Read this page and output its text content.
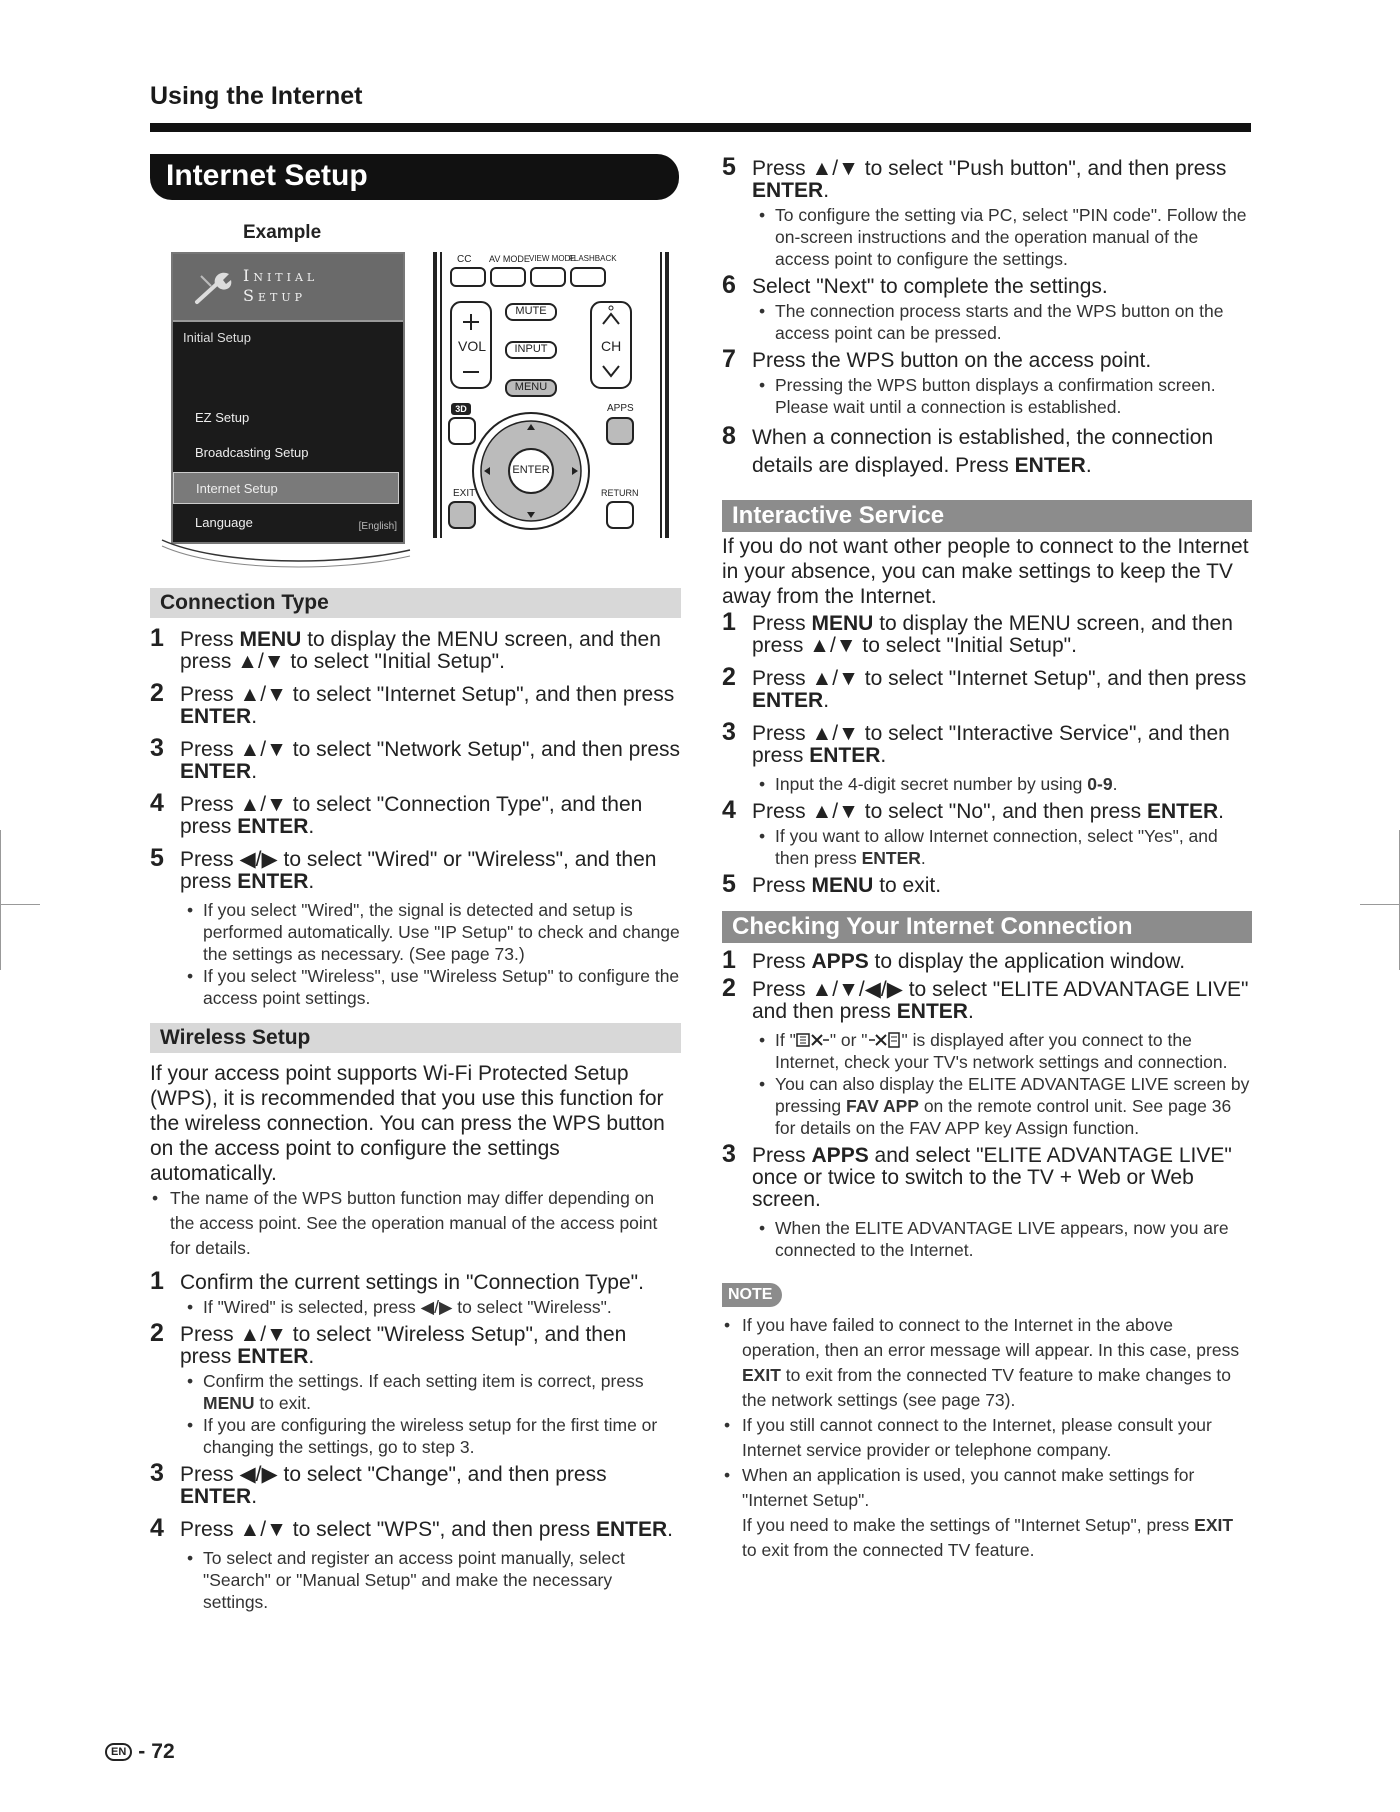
Using the Internet
Internet Setup
Example
Initial
Setup
Initial Setup
EZ Setup
Broadcasting Setup
Internet Setup
Language	[English]
CC AV MODE VIEW MODE
FLASHBACK
VOL	CH
MUTE
INPUT
MENU
3D	APPS
ENTER
EXIT	RETURN
Connection Type
1 Press MENU to display the MENU screen, and then press ▲/▼ to select "Initial Setup".
2 Press ▲/▼ to select "Internet Setup", and then press ENTER.
3 Press ▲/▼ to select "Network Setup", and then press ENTER.
4 Press ▲/▼ to select "Connection Type", and then press ENTER.
5 Press ◀/▶ to select "Wired" or "Wireless", and then press ENTER.
• If you select "Wired", the signal is detected and setup is performed automatically. Use "IP Setup" to check and change the settings as necessary. (See page 73.)
• If you select "Wireless", use "Wireless Setup" to configure the access point settings.
Wireless Setup
If your access point supports Wi-Fi Protected Setup (WPS), it is recommended that you use this function for the wireless connection. You can press the WPS button on the access point to configure the settings automatically.
• The name of the WPS button function may differ depending on the access point. See the operation manual of the access point for details.
1 Confirm the current settings in "Connection Type".
• If "Wired" is selected, press ◀/▶ to select "Wireless".
2 Press ▲/▼ to select "Wireless Setup", and then press ENTER.
• Confirm the settings. If each setting item is correct, press MENU to exit.
• If you are configuring the wireless setup for the first time or changing the settings, go to step 3.
3 Press ◀/▶ to select "Change", and then press ENTER.
4 Press ▲/▼ to select "WPS", and then press ENTER.
• To select and register an access point manually, select "Search" or "Manual Setup" and make the necessary settings.
5 Press ▲/▼ to select "Push button", and then press ENTER.
• To configure the setting via PC, select "PIN code". Follow the on-screen instructions and the operation manual of the access point to configure the settings.
6 Select "Next" to complete the settings.
• The connection process starts and the WPS button on the access point can be pressed.
7 Press the WPS button on the access point.
• Pressing the WPS button displays a confirmation screen. Please wait until a connection is established.
8 When a connection is established, the connection details are displayed. Press ENTER.
Interactive Service
If you do not want other people to connect to the Internet in your absence, you can make settings to keep the TV away from the Internet.
1 Press MENU to display the MENU screen, and then press ▲/▼ to select "Initial Setup".
2 Press ▲/▼ to select "Internet Setup", and then press ENTER.
3 Press ▲/▼ to select "Interactive Service", and then press ENTER.
• Input the 4-digit secret number by using 0-9.
4 Press ▲/▼ to select "No", and then press ENTER.
• If you want to allow Internet connection, select "Yes", and then press ENTER.
5 Press MENU to exit.
Checking Your Internet Connection
1 Press APPS to display the application window.
2 Press ▲/▼/◀/▶ to select "ELITE ADVANTAGE LIVE" and then press ENTER.
• If " " or " " is displayed after you connect to the Internet, check your TV's network settings and connection.
• You can also display the ELITE ADVANTAGE LIVE screen by pressing FAV APP on the remote control unit. See page 36 for details on the FAV APP key Assign function.
3 Press APPS and select "ELITE ADVANTAGE LIVE" once or twice to switch to the TV + Web or Web screen.
• When the ELITE ADVANTAGE LIVE appears, now you are connected to the Internet.
NOTE
• If you have failed to connect to the Internet in the above operation, then an error message will appear. In this case, press EXIT to exit from the connected TV feature to make changes to the network settings (see page 73).
• If you still cannot connect to the Internet, please consult your Internet service provider or telephone company.
• When an application is used, you cannot make settings for "Internet Setup".
If you need to make the settings of "Internet Setup", press EXIT to exit from the connected TV feature.
EN - 72
